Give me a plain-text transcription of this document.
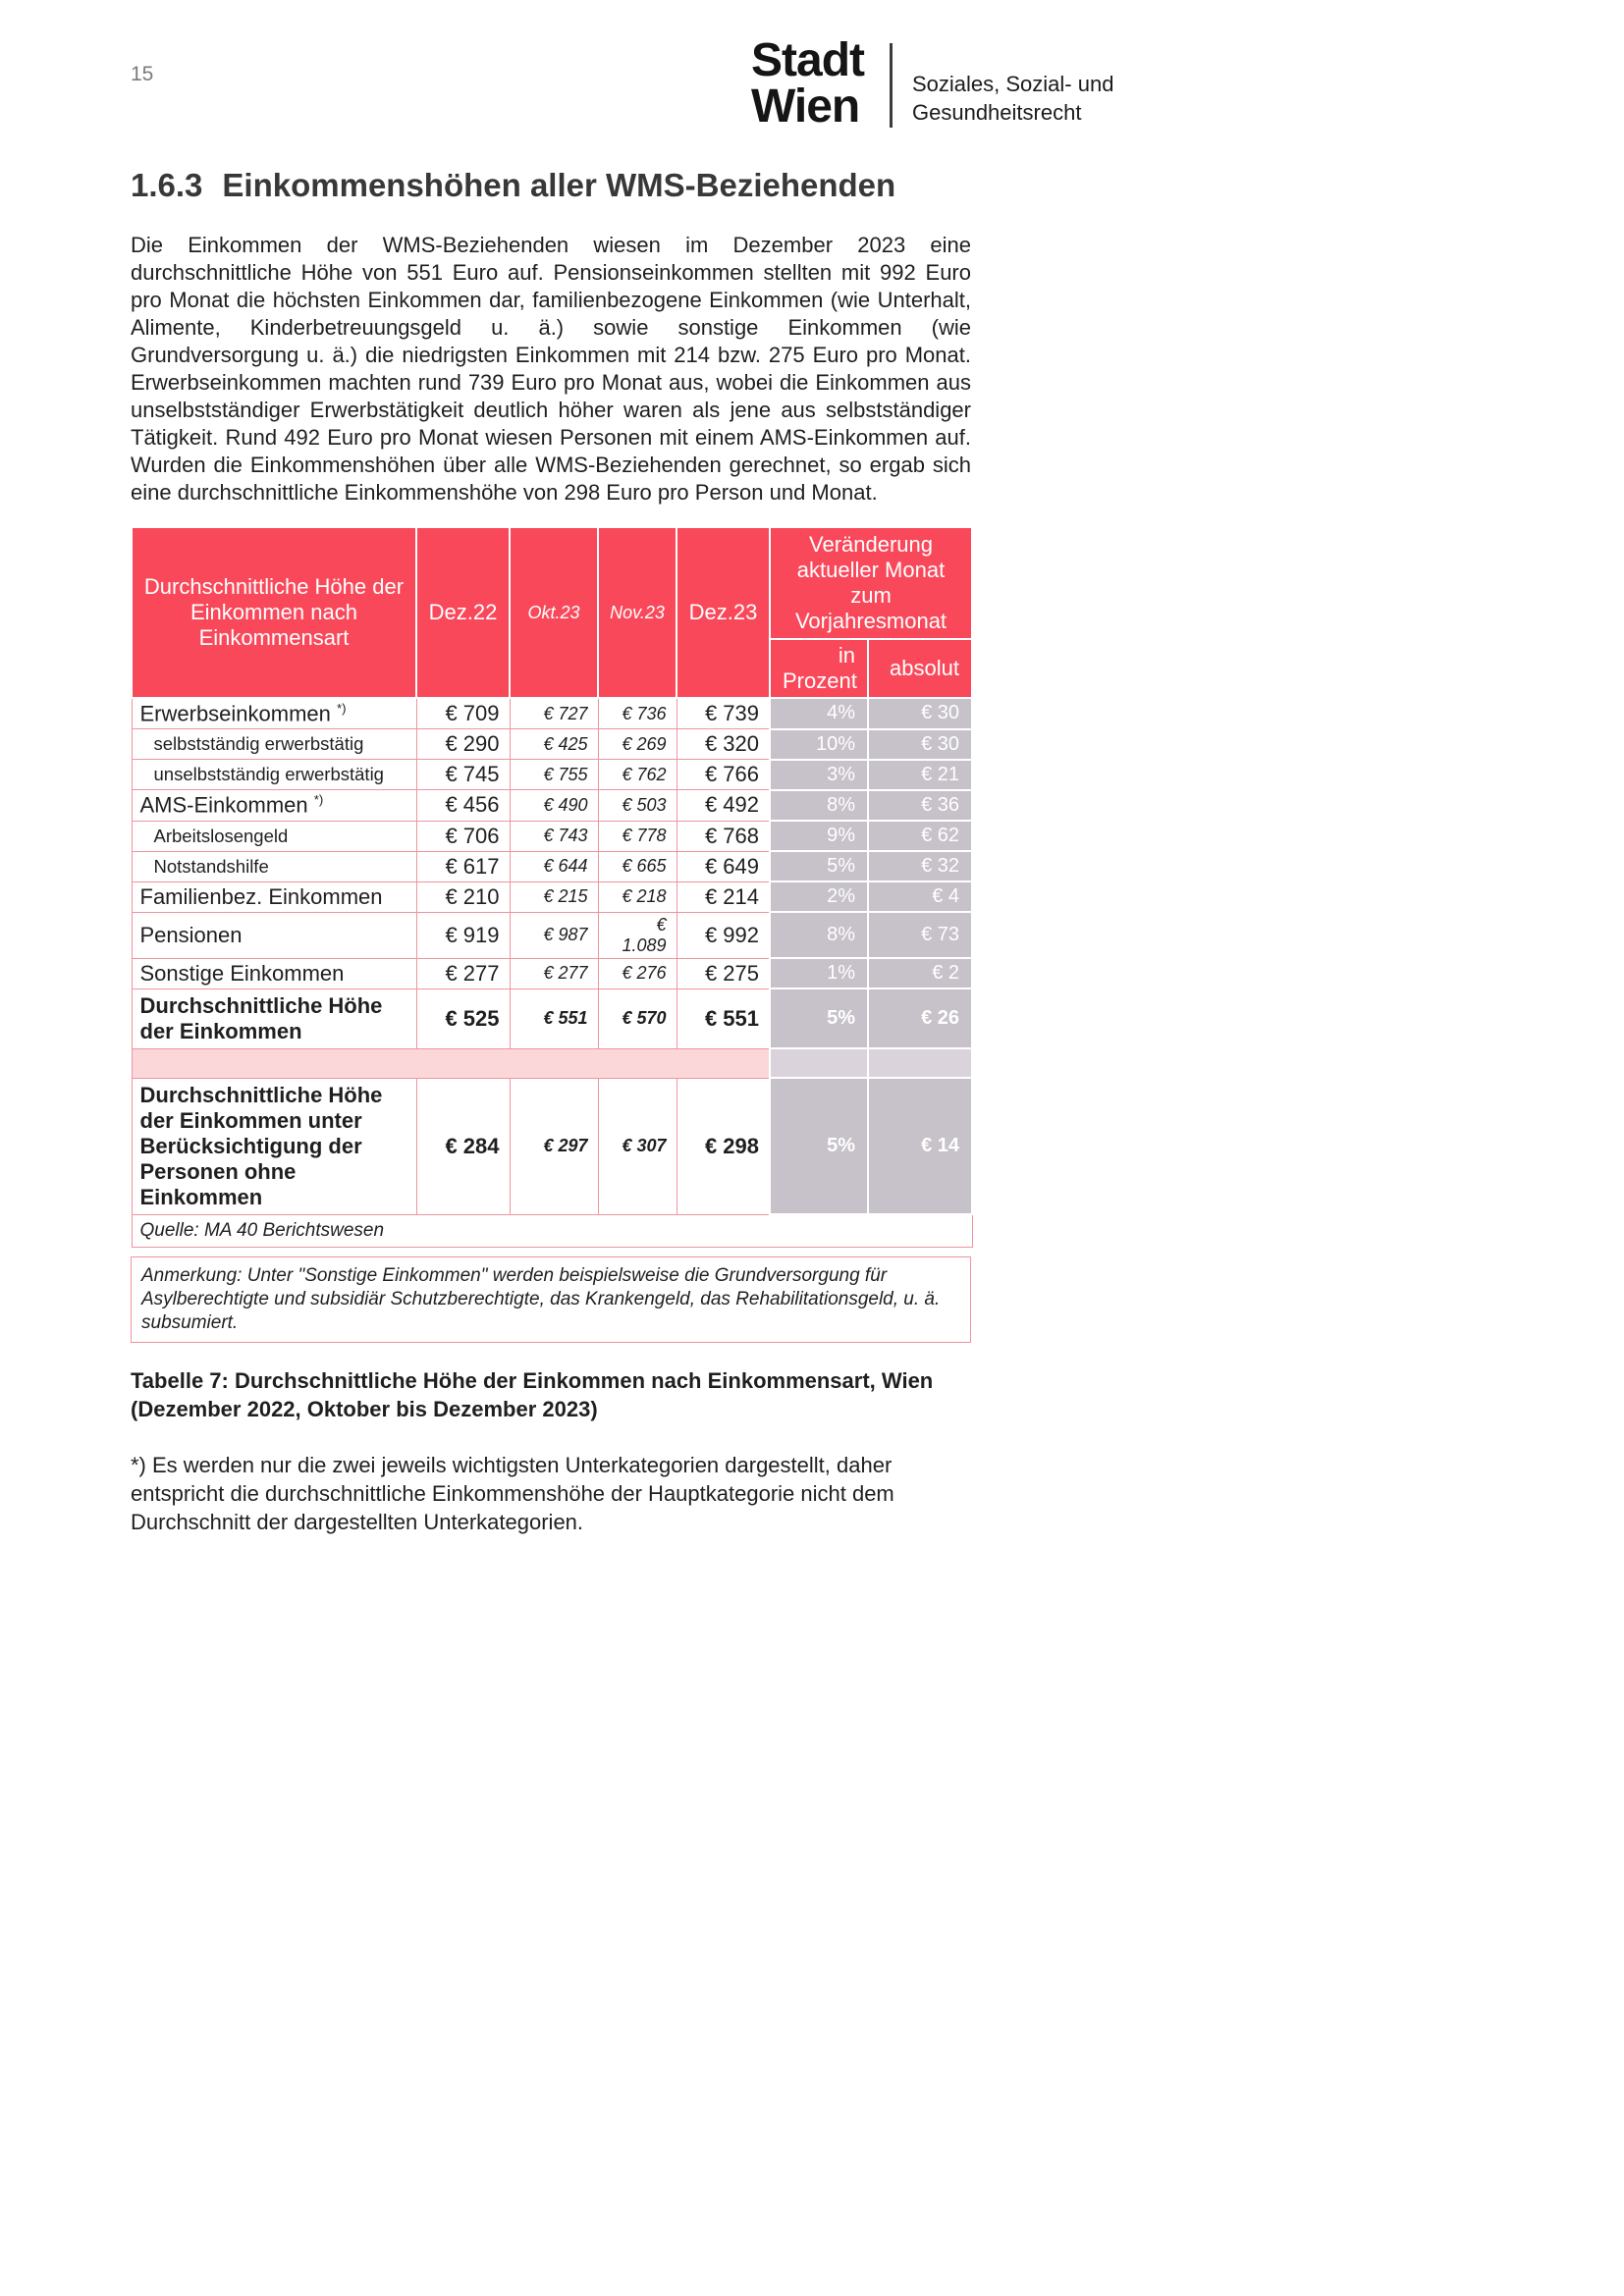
15	Stadt
Wien Soziales, Sozial- und
Gesundheitsrecht
1.6.3 Einkommenshöhen aller WMS-Beziehenden

Die Einkommen der WMS-Beziehenden wiesen im Dezember 2023 eine durchschnittliche Höhe von 551 Euro auf. Pensionseinkommen stellten mit 992 Euro pro Monat die höchsten Einkommen dar, familienbezogene Einkommen (wie Unterhalt, Alimente, Kinderbetreuungsgeld u. ä.) sowie sonstige Einkommen (wie Grundversorgung u. ä.) die niedrigsten Einkommen mit 214 bzw. 275 Euro pro Monat. Erwerbseinkommen machten rund 739 Euro pro Monat aus, wobei die Einkommen aus unselbstständiger Erwerbstätigkeit deutlich höher waren als jene aus selbstständiger Tätigkeit. Rund 492 Euro pro Monat wiesen Personen mit einem AMS-Einkommen auf. Wurden die Einkommenshöhen über alle WMS-Beziehenden gerechnet, so ergab sich eine durchschnittliche Einkommenshöhe von 298 Euro pro Person und Monat.

Durchschnittliche Höhe der Einkommen nach Einkommensart	Dez.22	Okt.23	Nov.23	Dez.23	Veränderung aktueller Monat zum Vorjahresmonat	
					in Prozent	absolut
Erwerbseinkommen *)	€ 709	€ 727	€ 736	€ 739	4%	€ 30
selbstständig erwerbstätig	€ 290	€ 425	€ 269	€ 320	10%	€ 30
unselbstständig erwerbstätig	€ 745	€ 755	€ 762	€ 766	3%	€ 21
AMS-Einkommen *)	€ 456	€ 490	€ 503	€ 492	8%	€ 36
Arbeitslosengeld	€ 706	€ 743	€ 778	€ 768	9%	€ 62
Notstandshilfe	€ 617	€ 644	€ 665	€ 649	5%	€ 32
Familienbez. Einkommen	€ 210	€ 215	€ 218	€ 214	2%	€ 4
Pensionen	€ 919	€ 987	€ 1.089	€ 992	8%	€ 73
Sonstige Einkommen	€ 277	€ 277	€ 276	€ 275	1%	€ 2
Durchschnittliche Höhe der Einkommen	€ 525	€ 551	€ 570	€ 551	5%	€ 26

Durchschnittliche Höhe der Einkommen unter Berücksichtigung der Personen ohne Einkommen	€ 284	€ 297	€ 307	€ 298	5%	€ 14
Quelle: MA 40 Berichtswesen						
Anmerkung: Unter "Sonstige Einkommen" werden beispielsweise die Grundversorgung für Asylberechtigte und subsidiär Schutzberechtigte, das Krankengeld, das Rehabilitationsgeld, u. ä. subsumiert.

Tabelle 7: Durchschnittliche Höhe der Einkommen nach Einkommensart, Wien (Dezember 2022, Oktober bis Dezember 2023)

*) Es werden nur die zwei jeweils wichtigsten Unterkategorien dargestellt, daher entspricht die durchschnittliche Einkommenshöhe der Hauptkategorie nicht dem Durchschnitt der dargestellten Unterkategorien.
